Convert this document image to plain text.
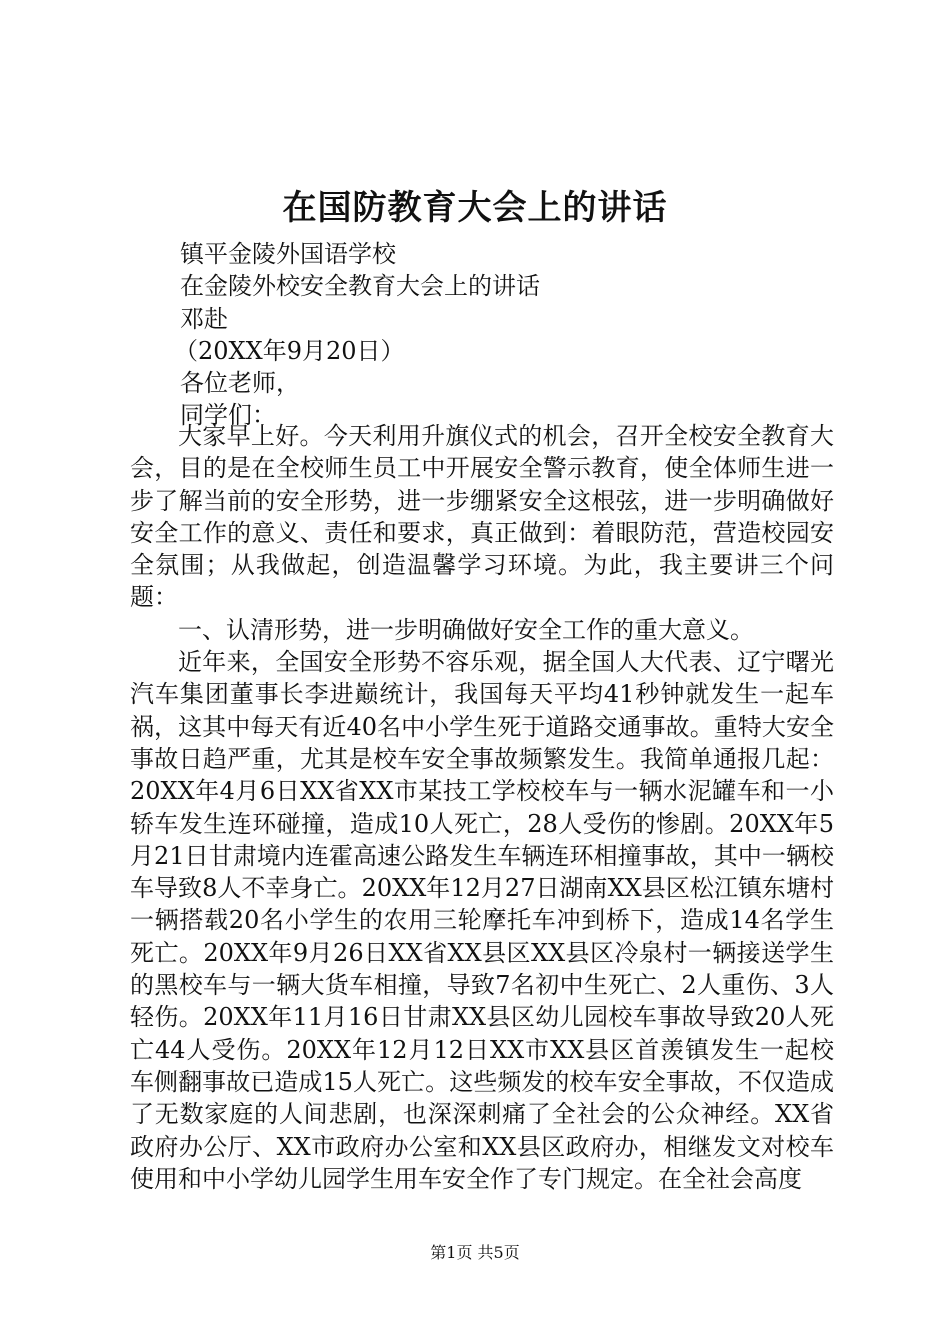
在国防教育大会上的讲话
镇平金陵外国语学校
在金陵外校安全教育大会上的讲话
邓赴
（20XX年9月20日）
各位老师，
同学们：

大家早上好。今天利用升旗仪式的机会，召开全校安全教育大会，目的是在全校师生员工中开展安全警示教育，使全体师生进一步了解当前的安全形势，进一步绷紧安全这根弦，进一步明确做好安全工作的意义、责任和要求，真正做到：着眼防范，营造校园安全氛围；从我做起，创造温馨学习环境。为此，我主要讲三个问题：

一、认清形势，进一步明确做好安全工作的重大意义。

近年来，全国安全形势不容乐观，据全国人大代表、辽宁曙光汽车集团董事长李进巅统计，我国每天平均41秒钟就发生一起车祸，这其中每天有近40名中小学生死于道路交通事故。重特大安全事故日趋严重，尤其是校车安全事故频繁发生。我简单通报几起：20XX年4月6日XX省XX市某技工学校校车与一辆水泥罐车和一小轿车发生连环碰撞，造成10人死亡，28人受伤的惨剧。20XX年5月21日甘肃境内连霍高速公路发生车辆连环相撞事故，其中一辆校车导致8人不幸身亡。20XX年12月27日湖南XX县区松江镇东塘村一辆搭载20名小学生的农用三轮摩托车冲到桥下，造成14名学生死亡。20XX年9月26日XX省XX县区XX县区冷泉村一辆接送学生的黑校车与一辆大货车相撞，导致7名初中生死亡、2人重伤、3人轻伤。20XX年11月16日甘肃XX县区幼儿园校车事故导致20人死亡44人受伤。20XX年12月12日XX市XX县区首羡镇发生一起校车侧翻事故已造成15人死亡。这些频发的校车安全事故，不仅造成了无数家庭的人间悲剧，也深深刺痛了全社会的公众神经。XX省政府办公厅、XX市政府办公室和XX县区政府办，相继发文对校车使用和中小学幼儿园学生用车安全作了专门规定。在全社会高度

第1页 共5页
